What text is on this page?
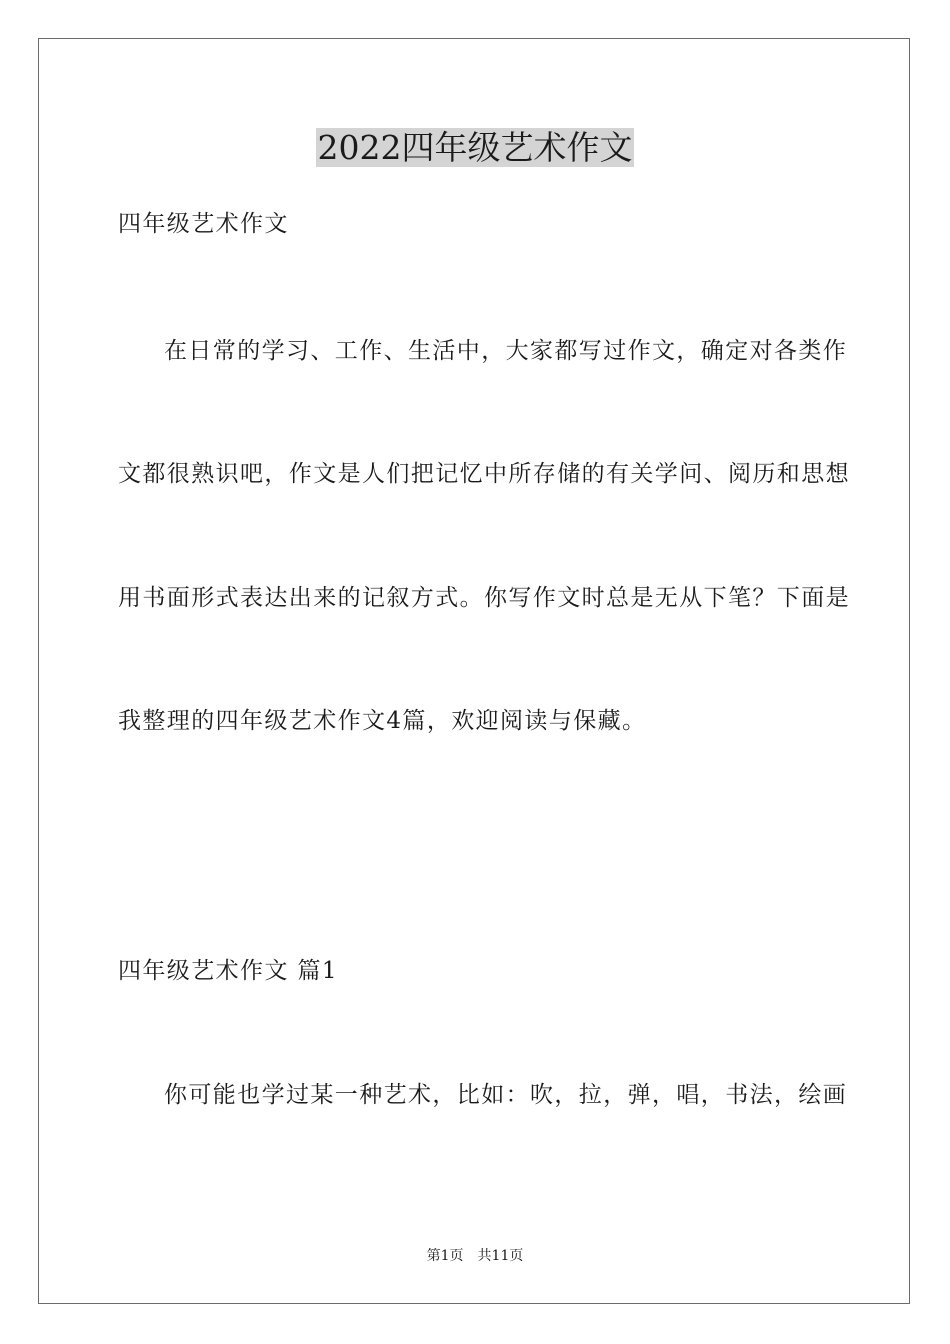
2022四年级艺术作文
四年级艺术作文
在日常的学习、工作、生活中，大家都写过作文，确定对各类作
文都很熟识吧，作文是人们把记忆中所存储的有关学问、阅历和思想
用书面形式表达出来的记叙方式。你写作文时总是无从下笔？下面是
我整理的四年级艺术作文4篇，欢迎阅读与保藏。
四年级艺术作文 篇1
你可能也学过某一种艺术，比如：吹，拉，弹，唱，书法，绘画
第1页 共11页
